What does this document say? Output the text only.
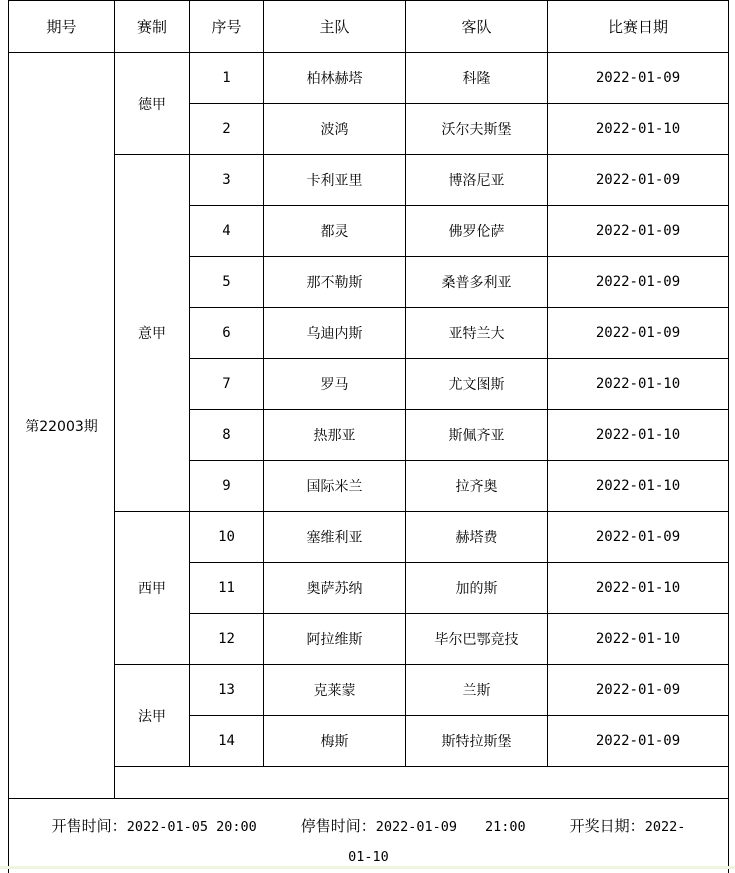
期号	赛制	序号	主队	客队	比赛日期
第22003期	德甲	1	柏林赫塔	科隆	2022-01-09
		2	波鸿	沃尔夫斯堡	2022-01-10
	意甲	3	卡利亚里	博洛尼亚	2022-01-09
		4	都灵	佛罗伦萨	2022-01-09
		5	那不勒斯	桑普多利亚	2022-01-09
		6	乌迪内斯	亚特兰大	2022-01-09
		7	罗马	尤文图斯	2022-01-10
		8	热那亚	斯佩齐亚	2022-01-10
		9	国际米兰	拉齐奥	2022-01-10
	西甲	10	塞维利亚	赫塔费	2022-01-09
		11	奥萨苏纳	加的斯	2022-01-10
		12	阿拉维斯	毕尔巴鄂竞技	2022-01-10
	法甲	13	克莱蒙	兰斯	2022-01-09
		14	梅斯	斯特拉斯堡	2022-01-09

开售时间：2022-01-05 20:00 停售时间：2022-01-09 21:00 开奖日期：2022-
01-10					
